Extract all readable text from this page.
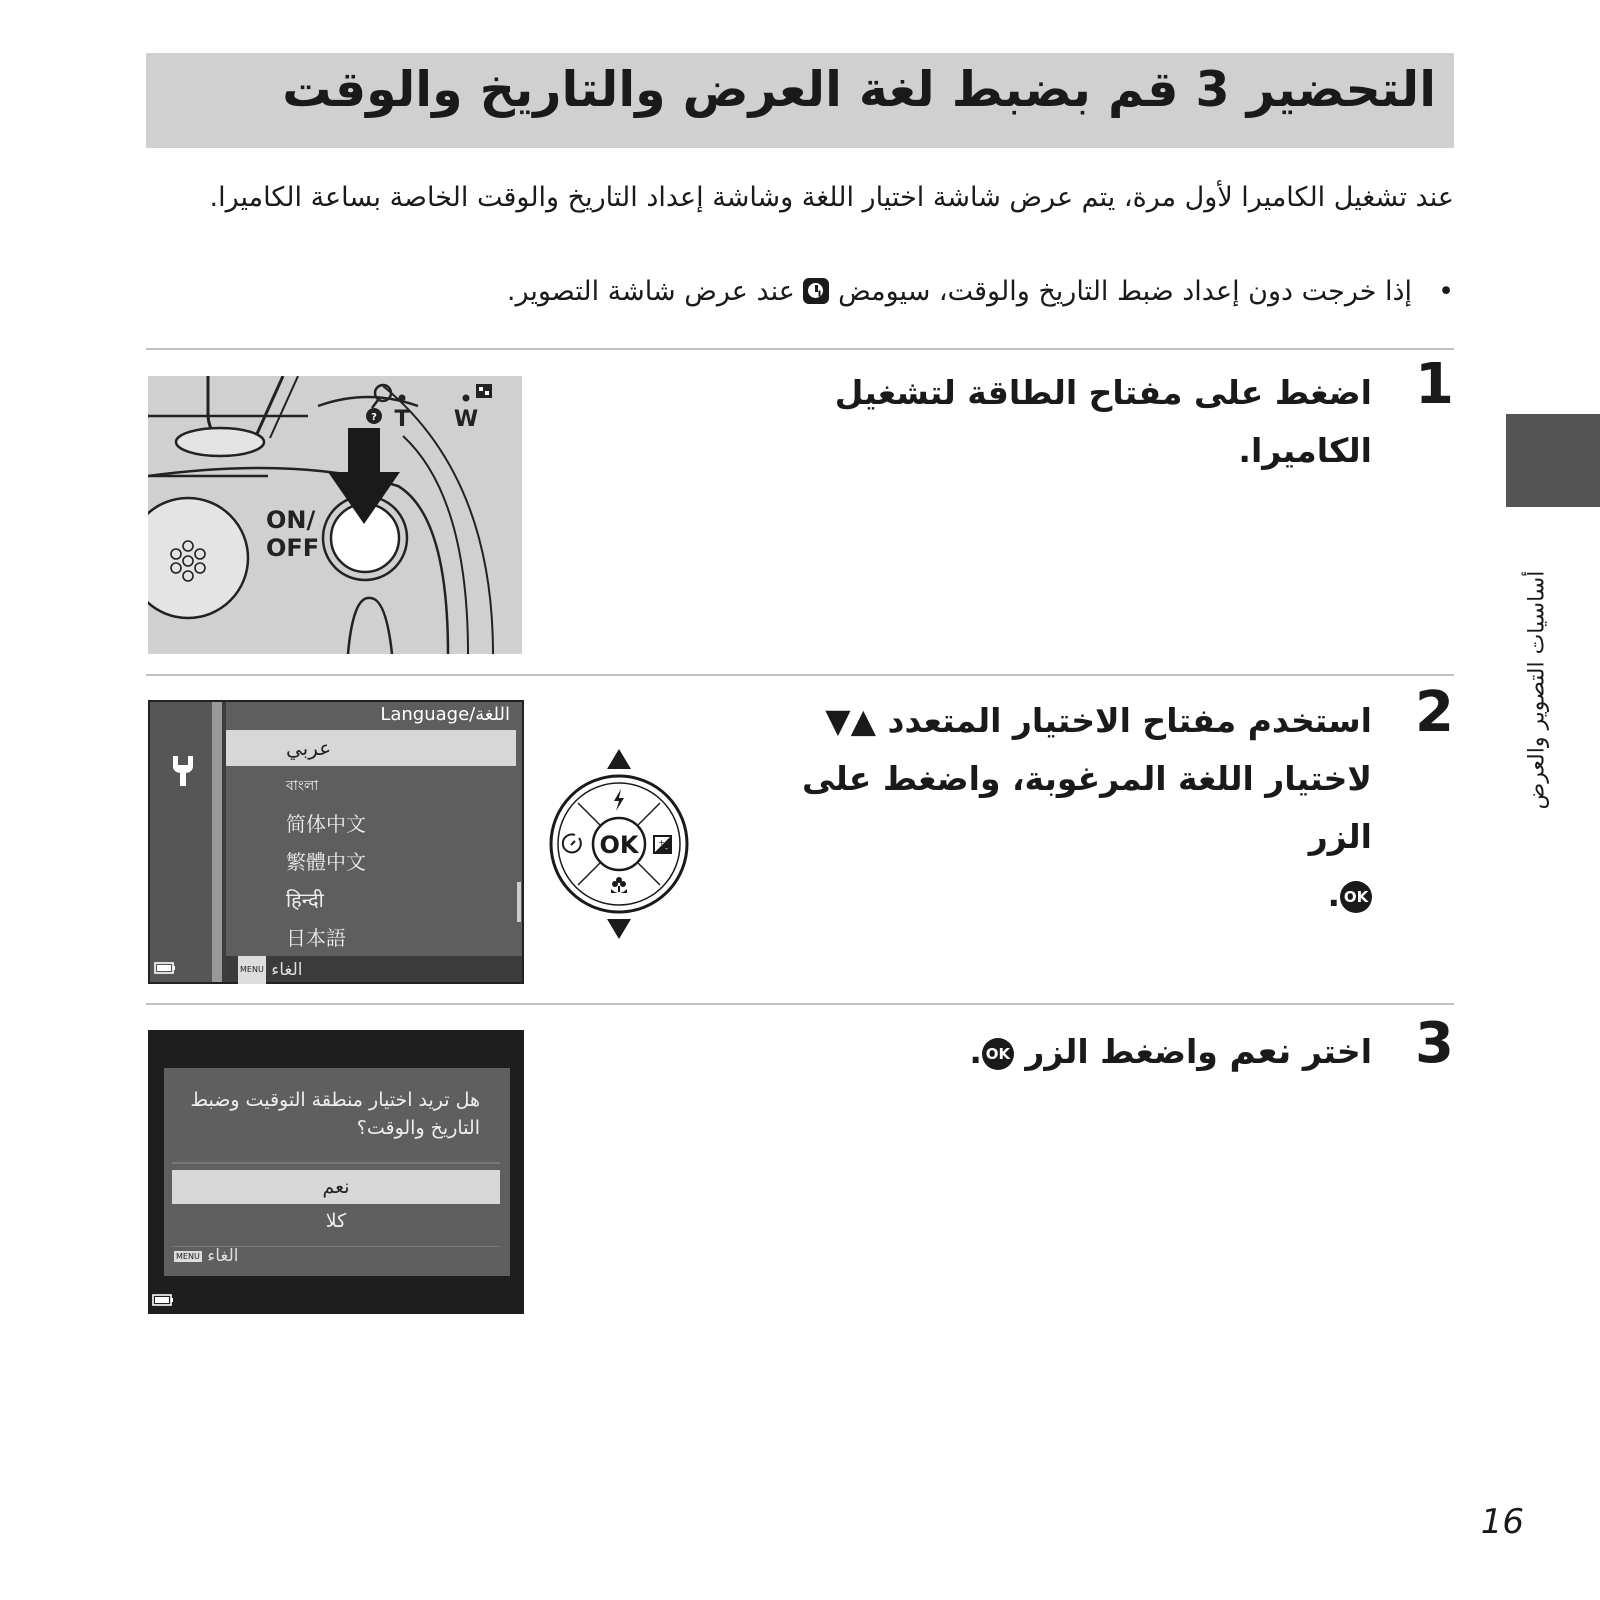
التحضير 3 قم بضبط لغة العرض والتاريخ والوقت
عند تشغيل الكاميرا لأول مرة، يتم عرض شاشة اختيار اللغة وشاشة إعداد التاريخ والوقت الخاصة بساعة الكاميرا.
•إذا خرجت دون إعداد ضبط التاريخ والوقت، سيومض  عند عرض شاشة التصوير.
1
اضغط على مفتاح الطاقة لتشغيل الكاميرا.
? T W
ON/
OFF
2
استخدم مفتاح الاختيار المتعدد ▲▼
لاختيار اللغة المرغوبة، واضغط على الزر
OK.
Language/اللغة
عربي
বাংলা
简体中文
繁體中文
हिन्दी
日本語
MENU الغاء
OK +
-
3
اختر نعم واضغط الزر OK.
هل تريد اختيار منطقة التوقيت وضبط التاريخ والوقت؟
نعم
كلا
MENU الغاء
أساسيات التصوير والعرض
16
